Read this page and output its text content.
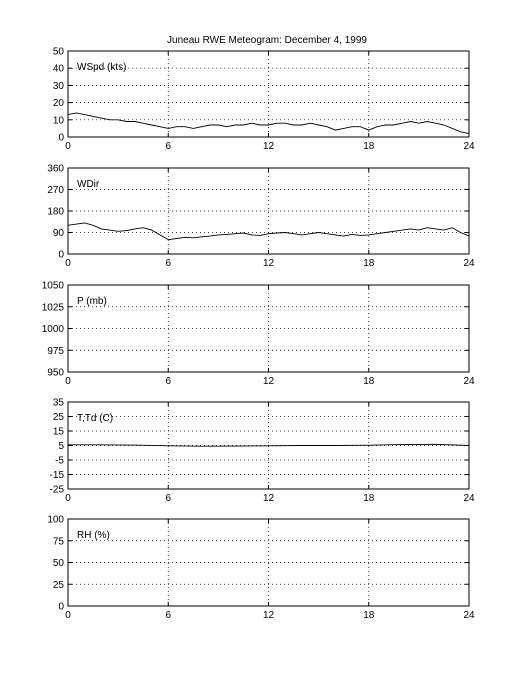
Juneau RWE Meteogram: December 4, 1999
0	6	12	18	24
0
10
20
30
40
50
WSpd (kts)
0	6	12	18	24
0
90
180
270
360
WDir
0	6	12	18	24
950
975
1000
1025
1050
P (mb)
0	6	12	18	24
-25
-15
-5
5
15
25
35
T,Td (C)
0	6	12	18	24
0
25
50
75
100
RH (%)
